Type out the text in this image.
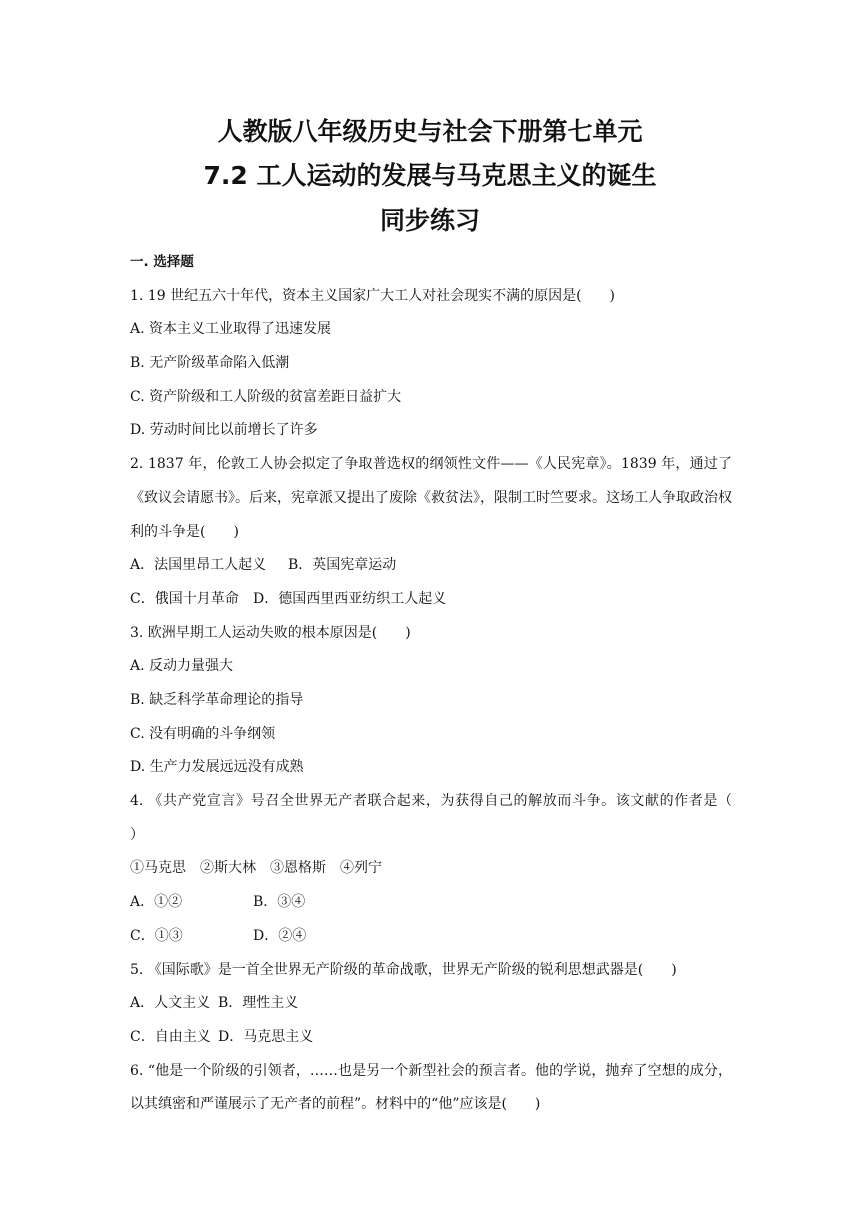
人教版八年级历史与社会下册第七单元
7.2 工人运动的发展与马克思主义的诞生
同步练习
一. 选择题
1. 19 世纪五六十年代，资本主义国家广大工人对社会现实不满的原因是(　　)
A. 资本主义工业取得了迅速发展
B. 无产阶级革命陷入低潮
C. 资产阶级和工人阶级的贫富差距日益扩大
D. 劳动时间比以前增长了许多
2. 1837 年，伦敦工人协会拟定了争取普选权的纲领性文件——《人民宪章》。1839 年，通过了《致议会请愿书》。后来，宪章派又提出了废除《救贫法》，限制工时竺要求。这场工人争取政治权利的斗争是(　　)
A．法国里昂工人起义 B．英国宪章运动
C．俄国十月革命 D．德国西里西亚纺织工人起义
3. 欧洲早期工人运动失败的根本原因是(　　)
A. 反动力量强大
B. 缺乏科学革命理论的指导
C. 没有明确的斗争纲领
D. 生产力发展远远没有成熟
4. 《共产党宣言》号召全世界无产者联合起来，为获得自己的解放而斗争。该文献的作者是（　　）
①马克思　②斯大林　③恩格斯　④列宁
A．①②	B．③④
C．①③	D．②④
5. 《国际歌》是一首全世界无产阶级的革命战歌，世界无产阶级的锐利思想武器是(　　)
A．人文主义 B．理性主义
C．自由主义 D．马克思主义
6. “他是一个阶级的引领者，……也是另一个新型社会的预言者。他的学说，抛弃了空想的成分，以其缜密和严谨展示了无产者的前程”。材料中的“他”应该是(　　)
